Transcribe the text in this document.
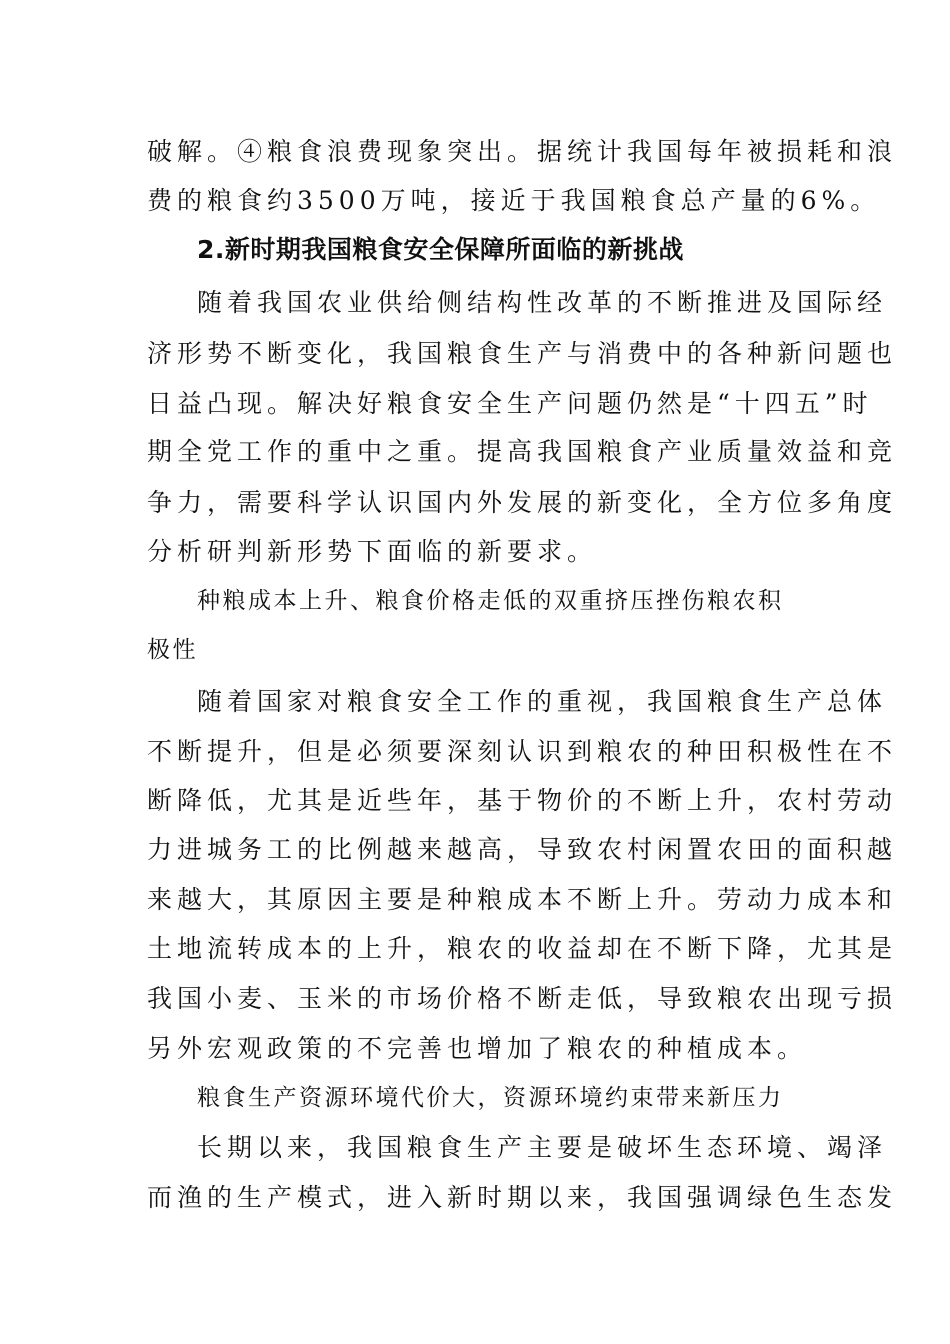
破解。④粮食浪费现象突出。据统计我国每年被损耗和浪
费的粮食约3500万吨，接近于我国粮食总产量的6%。
2.新时期我国粮食安全保障所面临的新挑战
随着我国农业供给侧结构性改革的不断推进及国际经
济形势不断变化，我国粮食生产与消费中的各种新问题也
日益凸现。解决好粮食安全生产问题仍然是“十四五”时
期全党工作的重中之重。提高我国粮食产业质量效益和竞
争力，需要科学认识国内外发展的新变化，全方位多角度
分析研判新形势下面临的新要求。
种粮成本上升、粮食价格走低的双重挤压挫伤粮农积
极性
随着国家对粮食安全工作的重视，我国粮食生产总体
不断提升，但是必须要深刻认识到粮农的种田积极性在不
断降低，尤其是近些年，基于物价的不断上升，农村劳动
力进城务工的比例越来越高，导致农村闲置农田的面积越
来越大，其原因主要是种粮成本不断上升。劳动力成本和
土地流转成本的上升，粮农的收益却在不断下降，尤其是
我国小麦、玉米的市场价格不断走低，导致粮农出现亏损
另外宏观政策的不完善也增加了粮农的种植成本。
粮食生产资源环境代价大，资源环境约束带来新压力
长期以来，我国粮食生产主要是破坏生态环境、竭泽
而渔的生产模式，进入新时期以来，我国强调绿色生态发
